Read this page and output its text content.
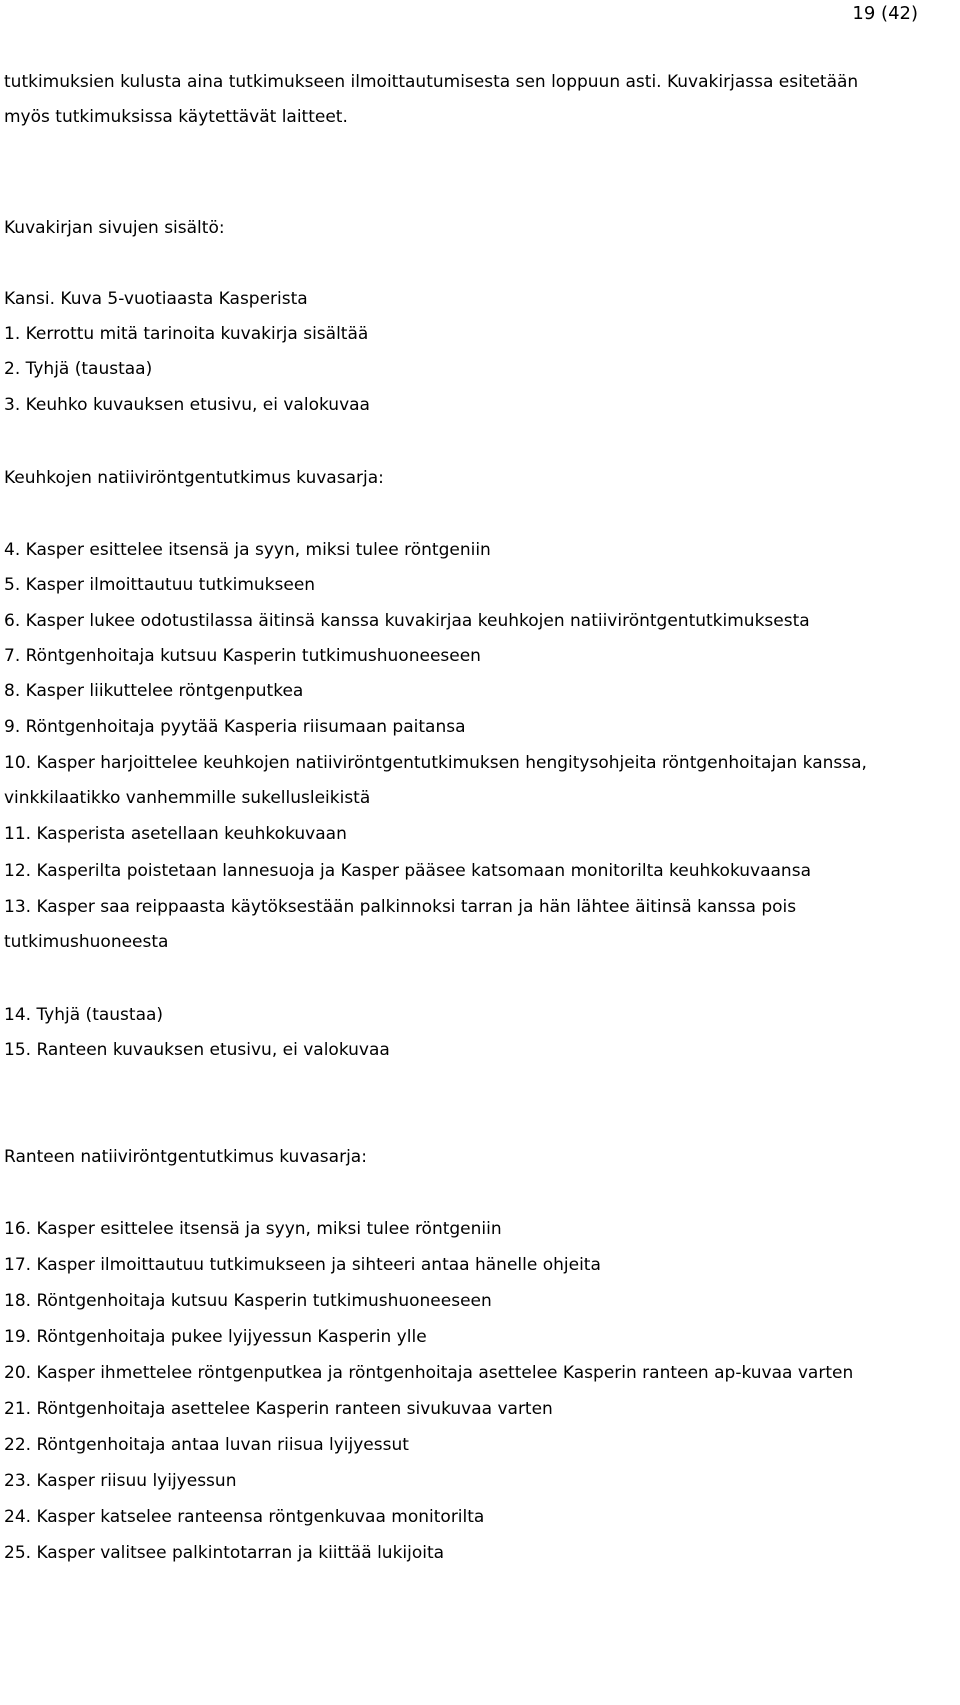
19 (42)
tutkimuksien kulusta aina tutkimukseen ilmoittautumisesta sen loppuun asti. Kuvakirjassa esitetään
myös tutkimuksissa käytettävät laitteet.
Kuvakirjan sivujen sisältö:
Kansi. Kuva 5-vuotiaasta Kasperista
1. Kerrottu mitä tarinoita kuvakirja sisältää
2. Tyhjä (taustaa)
3. Keuhko kuvauksen etusivu, ei valokuvaa
Keuhkojen natiiviröntgentutkimus kuvasarja:
4. Kasper esittelee itsensä ja syyn, miksi tulee röntgeniin
5. Kasper ilmoittautuu tutkimukseen
6. Kasper lukee odotustilassa äitinsä kanssa kuvakirjaa keuhkojen natiiviröntgentutkimuksesta
7. Röntgenhoitaja kutsuu Kasperin tutkimushuoneeseen
8. Kasper liikuttelee röntgenputkea
9. Röntgenhoitaja pyytää Kasperia riisumaan paitansa
10. Kasper harjoittelee keuhkojen natiiviröntgentutkimuksen hengitysohjeita röntgenhoitajan kanssa,
vinkkilaatikko vanhemmille sukellusleikistä
11. Kasperista asetellaan keuhkokuvaan
12. Kasperilta poistetaan lannesuoja ja Kasper pääsee katsomaan monitorilta keuhkokuvaansa
13. Kasper saa reippaasta käytöksestään palkinnoksi tarran ja hän lähtee äitinsä kanssa pois
tutkimushuoneesta
14. Tyhjä (taustaa)
15. Ranteen kuvauksen etusivu, ei valokuvaa
Ranteen natiiviröntgentutkimus kuvasarja:
16. Kasper esittelee itsensä ja syyn, miksi tulee röntgeniin
17. Kasper ilmoittautuu tutkimukseen ja sihteeri antaa hänelle ohjeita
18. Röntgenhoitaja kutsuu Kasperin tutkimushuoneeseen
19. Röntgenhoitaja pukee lyijyessun Kasperin ylle
20. Kasper ihmettelee röntgenputkea ja röntgenhoitaja asettelee Kasperin ranteen ap-kuvaa varten
21. Röntgenhoitaja asettelee Kasperin ranteen sivukuvaa varten
22. Röntgenhoitaja antaa luvan riisua lyijyessut
23. Kasper riisuu lyijyessun
24. Kasper katselee ranteensa röntgenkuvaa monitorilta
25. Kasper valitsee palkintotarran ja kiittää lukijoita
